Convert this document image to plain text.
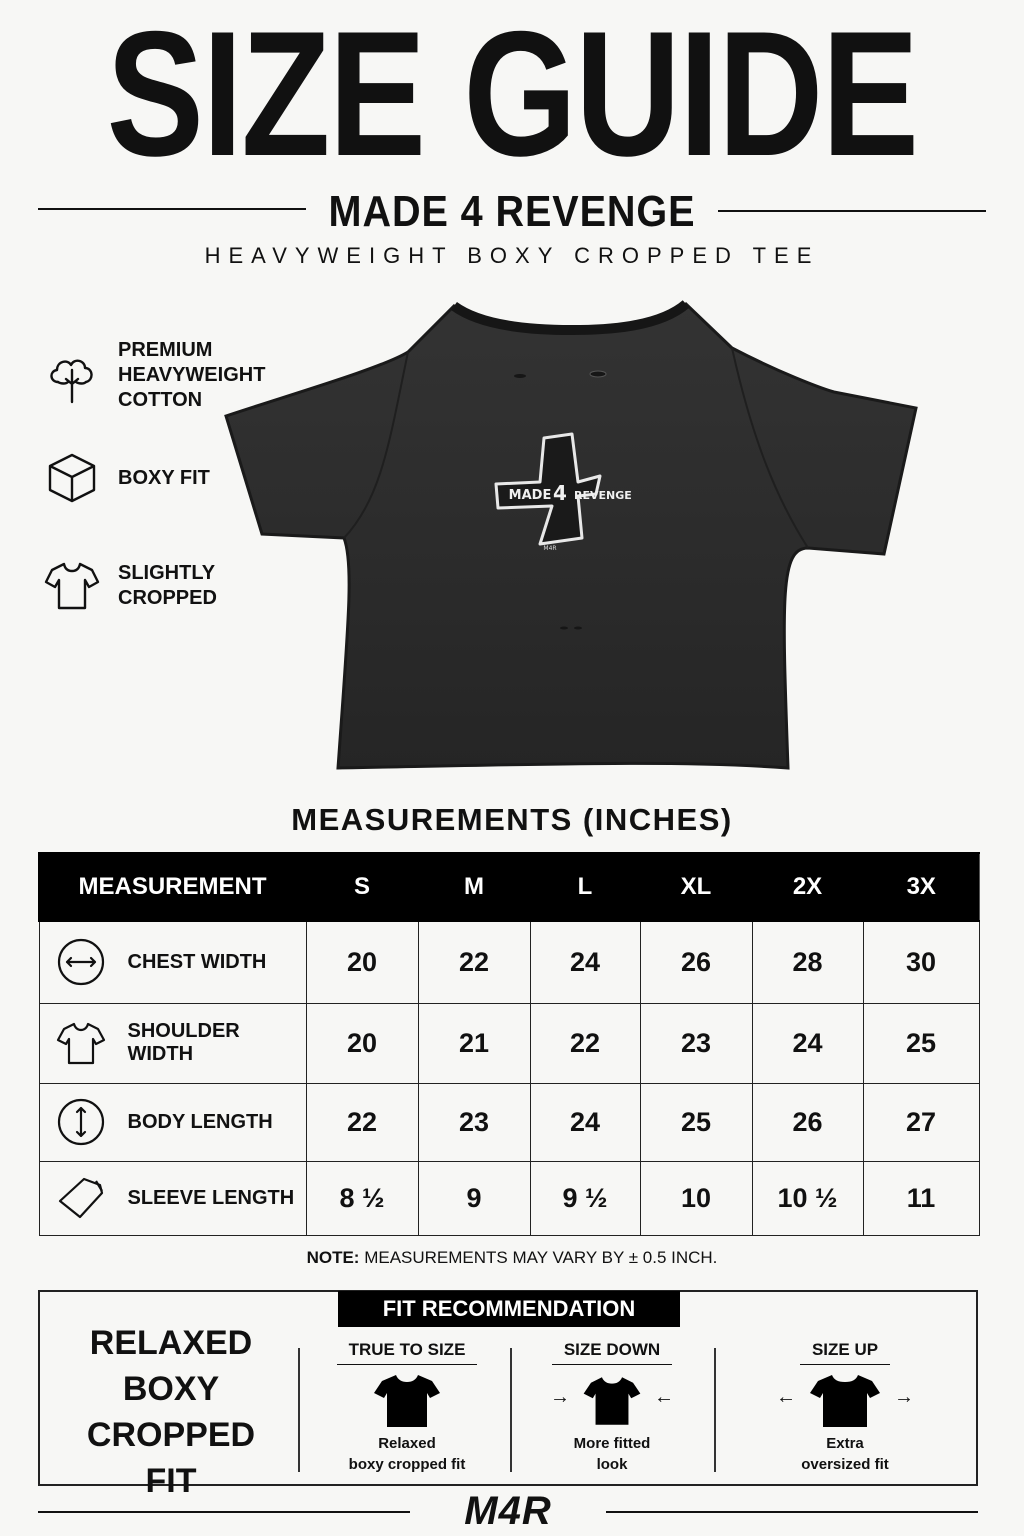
SIZE GUIDE
MADE 4 REVENGE
HEAVYWEIGHT BOXY CROPPED TEE
PREMIUM HEAVYWEIGHT COTTON
BOXY FIT
SLIGHTLY CROPPED
MADE 4 REVENGE
M4R
MEASUREMENTS (INCHES)
MEASUREMENT	S	M	L	XL	2X	3X

CHEST WIDTH	20	22	24	26	28	30

SHOULDER WIDTH	20	21	22	23	24	25

BODY LENGTH	22	23	24	25	26	27

SLEEVE LENGTH	8 ½	9	9 ½	10	10 ½	11
NOTE: MEASUREMENTS MAY VARY BY ± 0.5 INCH.
FIT RECOMMENDATION
RELAXED
BOXY
CROPPED FIT
TRUE TO SIZE
Relaxed
boxy cropped fit
SIZE DOWN
→	←
More fitted
look
SIZE UP
←	→
Extra
oversized fit
M4R
